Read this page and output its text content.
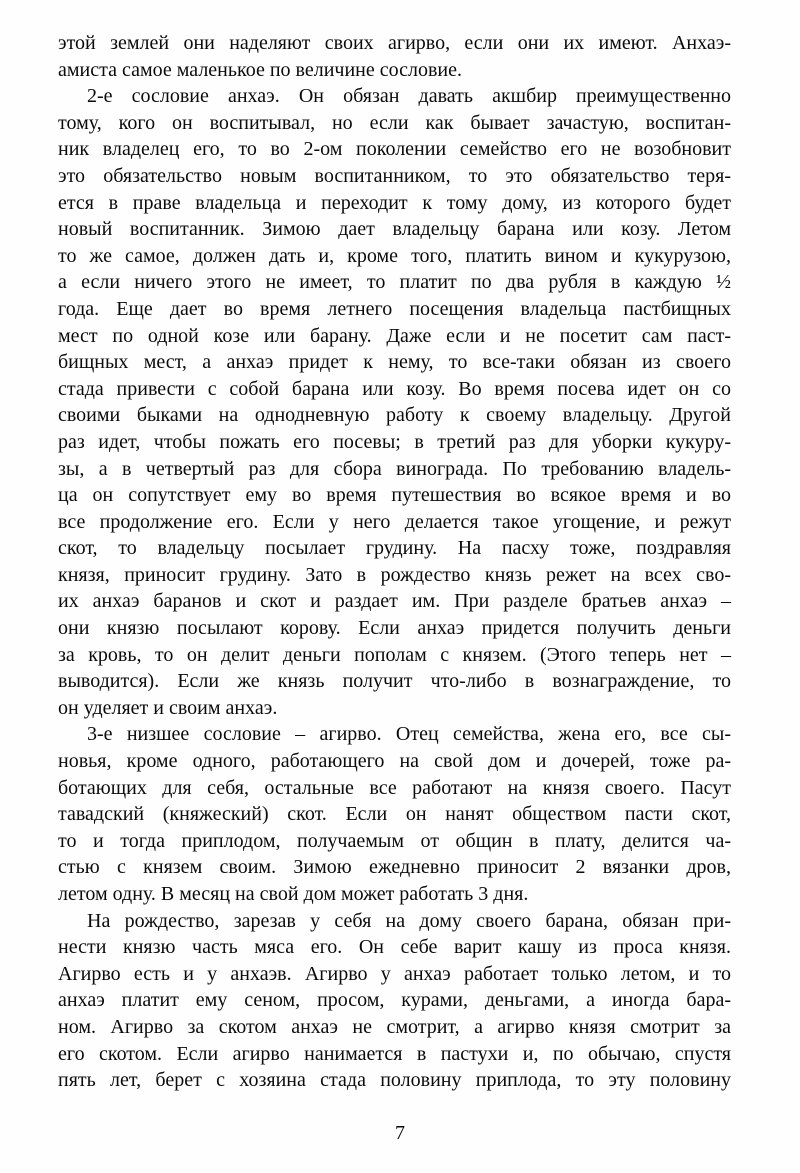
этой землей они наделяют своих агирво, если они их имеют. Анхаэ-
амиста самое маленькое по величине сословие.
2-е сословие анхаэ. Он обязан давать акшбир преимущественно
тому, кого он воспитывал, но если как бывает зачастую, воспитан-
ник владелец его, то во 2-ом поколении семейство его не возобновит
это обязательство новым воспитанником, то это обязательство теря-
ется в праве владельца и переходит к тому дому, из которого будет
новый воспитанник. Зимою дает владельцу барана или козу. Летом
то же самое, должен дать и, кроме того, платить вином и кукурузою,
а если ничего этого не имеет, то платит по два рубля в каждую ½
года. Еще дает во время летнего посещения владельца пастбищных
мест по одной козе или барану. Даже если и не посетит сам паст-
бищных мест, а анхаэ придет к нему, то все-таки обязан из своего
стада привести с собой барана или козу. Во время посева идет он со
своими быками на однодневную работу к своему владельцу. Другой
раз идет, чтобы пожать его посевы; в третий раз для уборки кукуру-
зы, а в четвертый раз для сбора винограда. По требованию владель-
ца он сопутствует ему во время путешествия во всякое время и во
все продолжение его. Если у него делается такое угощение, и режут
скот, то владельцу посылает грудину. На пасху тоже, поздравляя
князя, приносит грудину. Зато в рождество князь режет на всех сво-
их анхаэ баранов и скот и раздает им. При разделе братьев анхаэ –
они князю посылают корову. Если анхаэ придется получить деньги
за кровь, то он делит деньги пополам с князем. (Этого теперь нет –
выводится). Если же князь получит что-либо в вознаграждение, то
он уделяет и своим анхаэ.
3-е низшее сословие – агирво. Отец семейства, жена его, все сы-
новья, кроме одного, работающего на свой дом и дочерей, тоже ра-
ботающих для себя, остальные все работают на князя своего. Пасут
тавадский (княжеский) скот. Если он нанят обществом пасти скот,
то и тогда приплодом, получаемым от общин в плату, делится ча-
стью с князем своим. Зимою ежедневно приносит 2 вязанки дров,
летом одну. В месяц на свой дом может работать 3 дня.
На рождество, зарезав у себя на дому своего барана, обязан при-
нести князю часть мяса его. Он себе варит кашу из проса князя.
Агирво есть и у анхаэв. Агирво у анхаэ работает только летом, и то
анхаэ платит ему сеном, просом, курами, деньгами, а иногда бара-
ном. Агирво за скотом анхаэ не смотрит, а агирво князя смотрит за
его скотом. Если агирво нанимается в пастухи и, по обычаю, спустя
пять лет, берет с хозяина стада половину приплода, то эту половину
7
